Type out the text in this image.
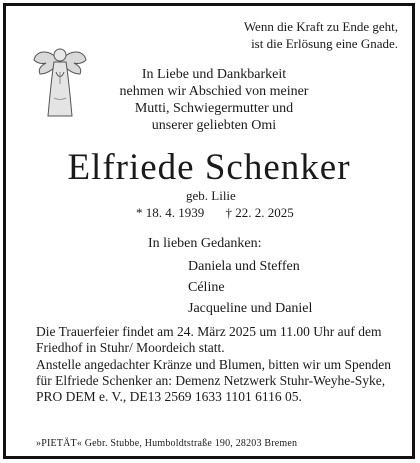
Wenn die Kraft zu Ende geht,
ist die Erlösung eine Gnade.
In Liebe und Dankbarkeit
nehmen wir Abschied von meiner
Mutti, Schwiegermutter und
unserer geliebten Omi
Elfriede Schenker
geb. Lilie
* 18. 4. 1939 † 22. 2. 2025
In lieben Gedanken:
Daniela und Steffen
Céline
Jacqueline und Daniel
Die Trauerfeier findet am 24. März 2025 um 11.00 Uhr auf dem Friedhof in Stuhr/ Moordeich statt.
Anstelle angedachter Kränze und Blumen, bitten wir um Spenden für Elfriede Schenker an: Demenz Netzwerk Stuhr-Weyhe-Syke, PRO DEM e. V., DE13 2569 1633 1101 6116 05.
»PIETÄT« Gebr. Stubbe, Humboldtstraße 190, 28203 Bremen
